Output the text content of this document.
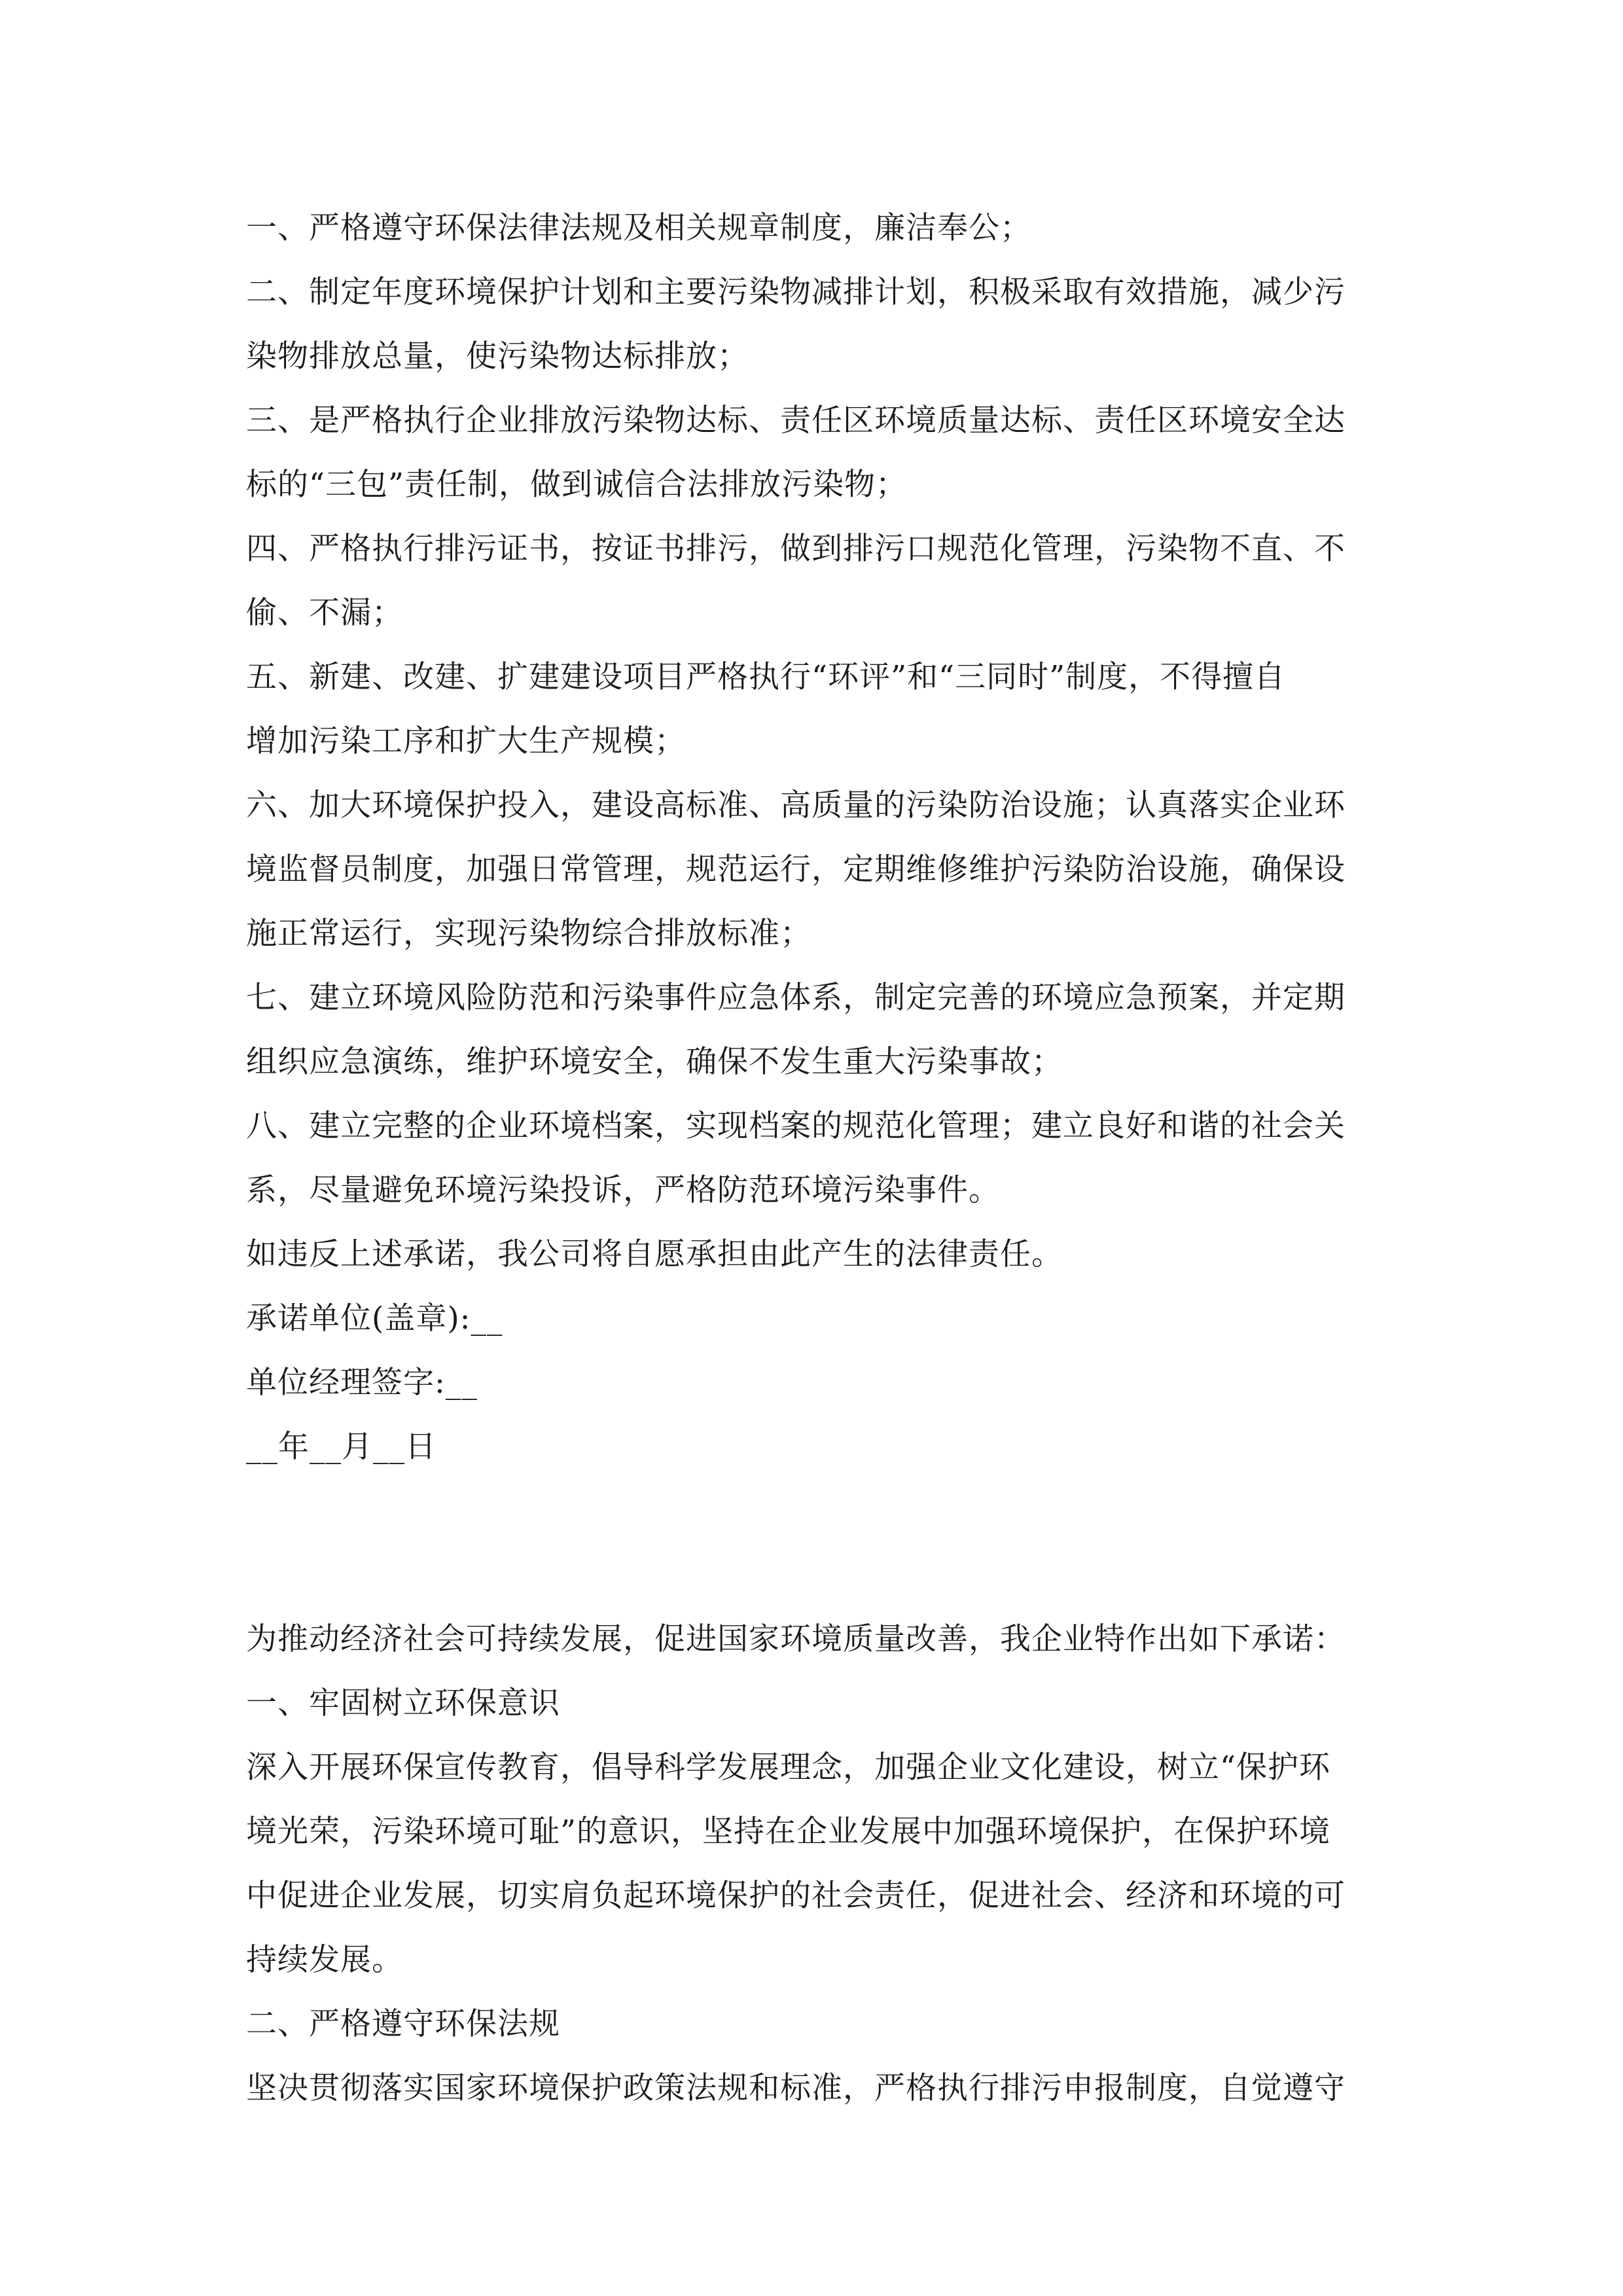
一、严格遵守环保法律法规及相关规章制度，廉洁奉公；
二、制定年度环境保护计划和主要污染物减排计划，积极采取有效措施，减少污
染物排放总量，使污染物达标排放；
三、是严格执行企业排放污染物达标、责任区环境质量达标、责任区环境安全达
标的“三包”责任制，做到诚信合法排放污染物；
四、严格执行排污证书，按证书排污，做到排污口规范化管理，污染物不直、不
偷、不漏；
五、新建、改建、扩建建设项目严格执行“环评”和“三同时”制度，不得擅自
增加污染工序和扩大生产规模；
六、加大环境保护投入，建设高标准、高质量的污染防治设施；认真落实企业环
境监督员制度，加强日常管理，规范运行，定期维修维护污染防治设施，确保设
施正常运行，实现污染物综合排放标准；
七、建立环境风险防范和污染事件应急体系，制定完善的环境应急预案，并定期
组织应急演练，维护环境安全，确保不发生重大污染事故；
八、建立完整的企业环境档案，实现档案的规范化管理；建立良好和谐的社会关
系，尽量避免环境污染投诉，严格防范环境污染事件。
如违反上述承诺，我公司将自愿承担由此产生的法律责任。
承诺单位(盖章):__
单位经理签字:__
__年__月__日
为推动经济社会可持续发展，促进国家环境质量改善，我企业特作出如下承诺：
一、牢固树立环保意识
深入开展环保宣传教育，倡导科学发展理念，加强企业文化建设，树立“保护环
境光荣，污染环境可耻”的意识，坚持在企业发展中加强环境保护，在保护环境
中促进企业发展，切实肩负起环境保护的社会责任，促进社会、经济和环境的可
持续发展。
二、严格遵守环保法规
坚决贯彻落实国家环境保护政策法规和标准，严格执行排污申报制度，自觉遵守
